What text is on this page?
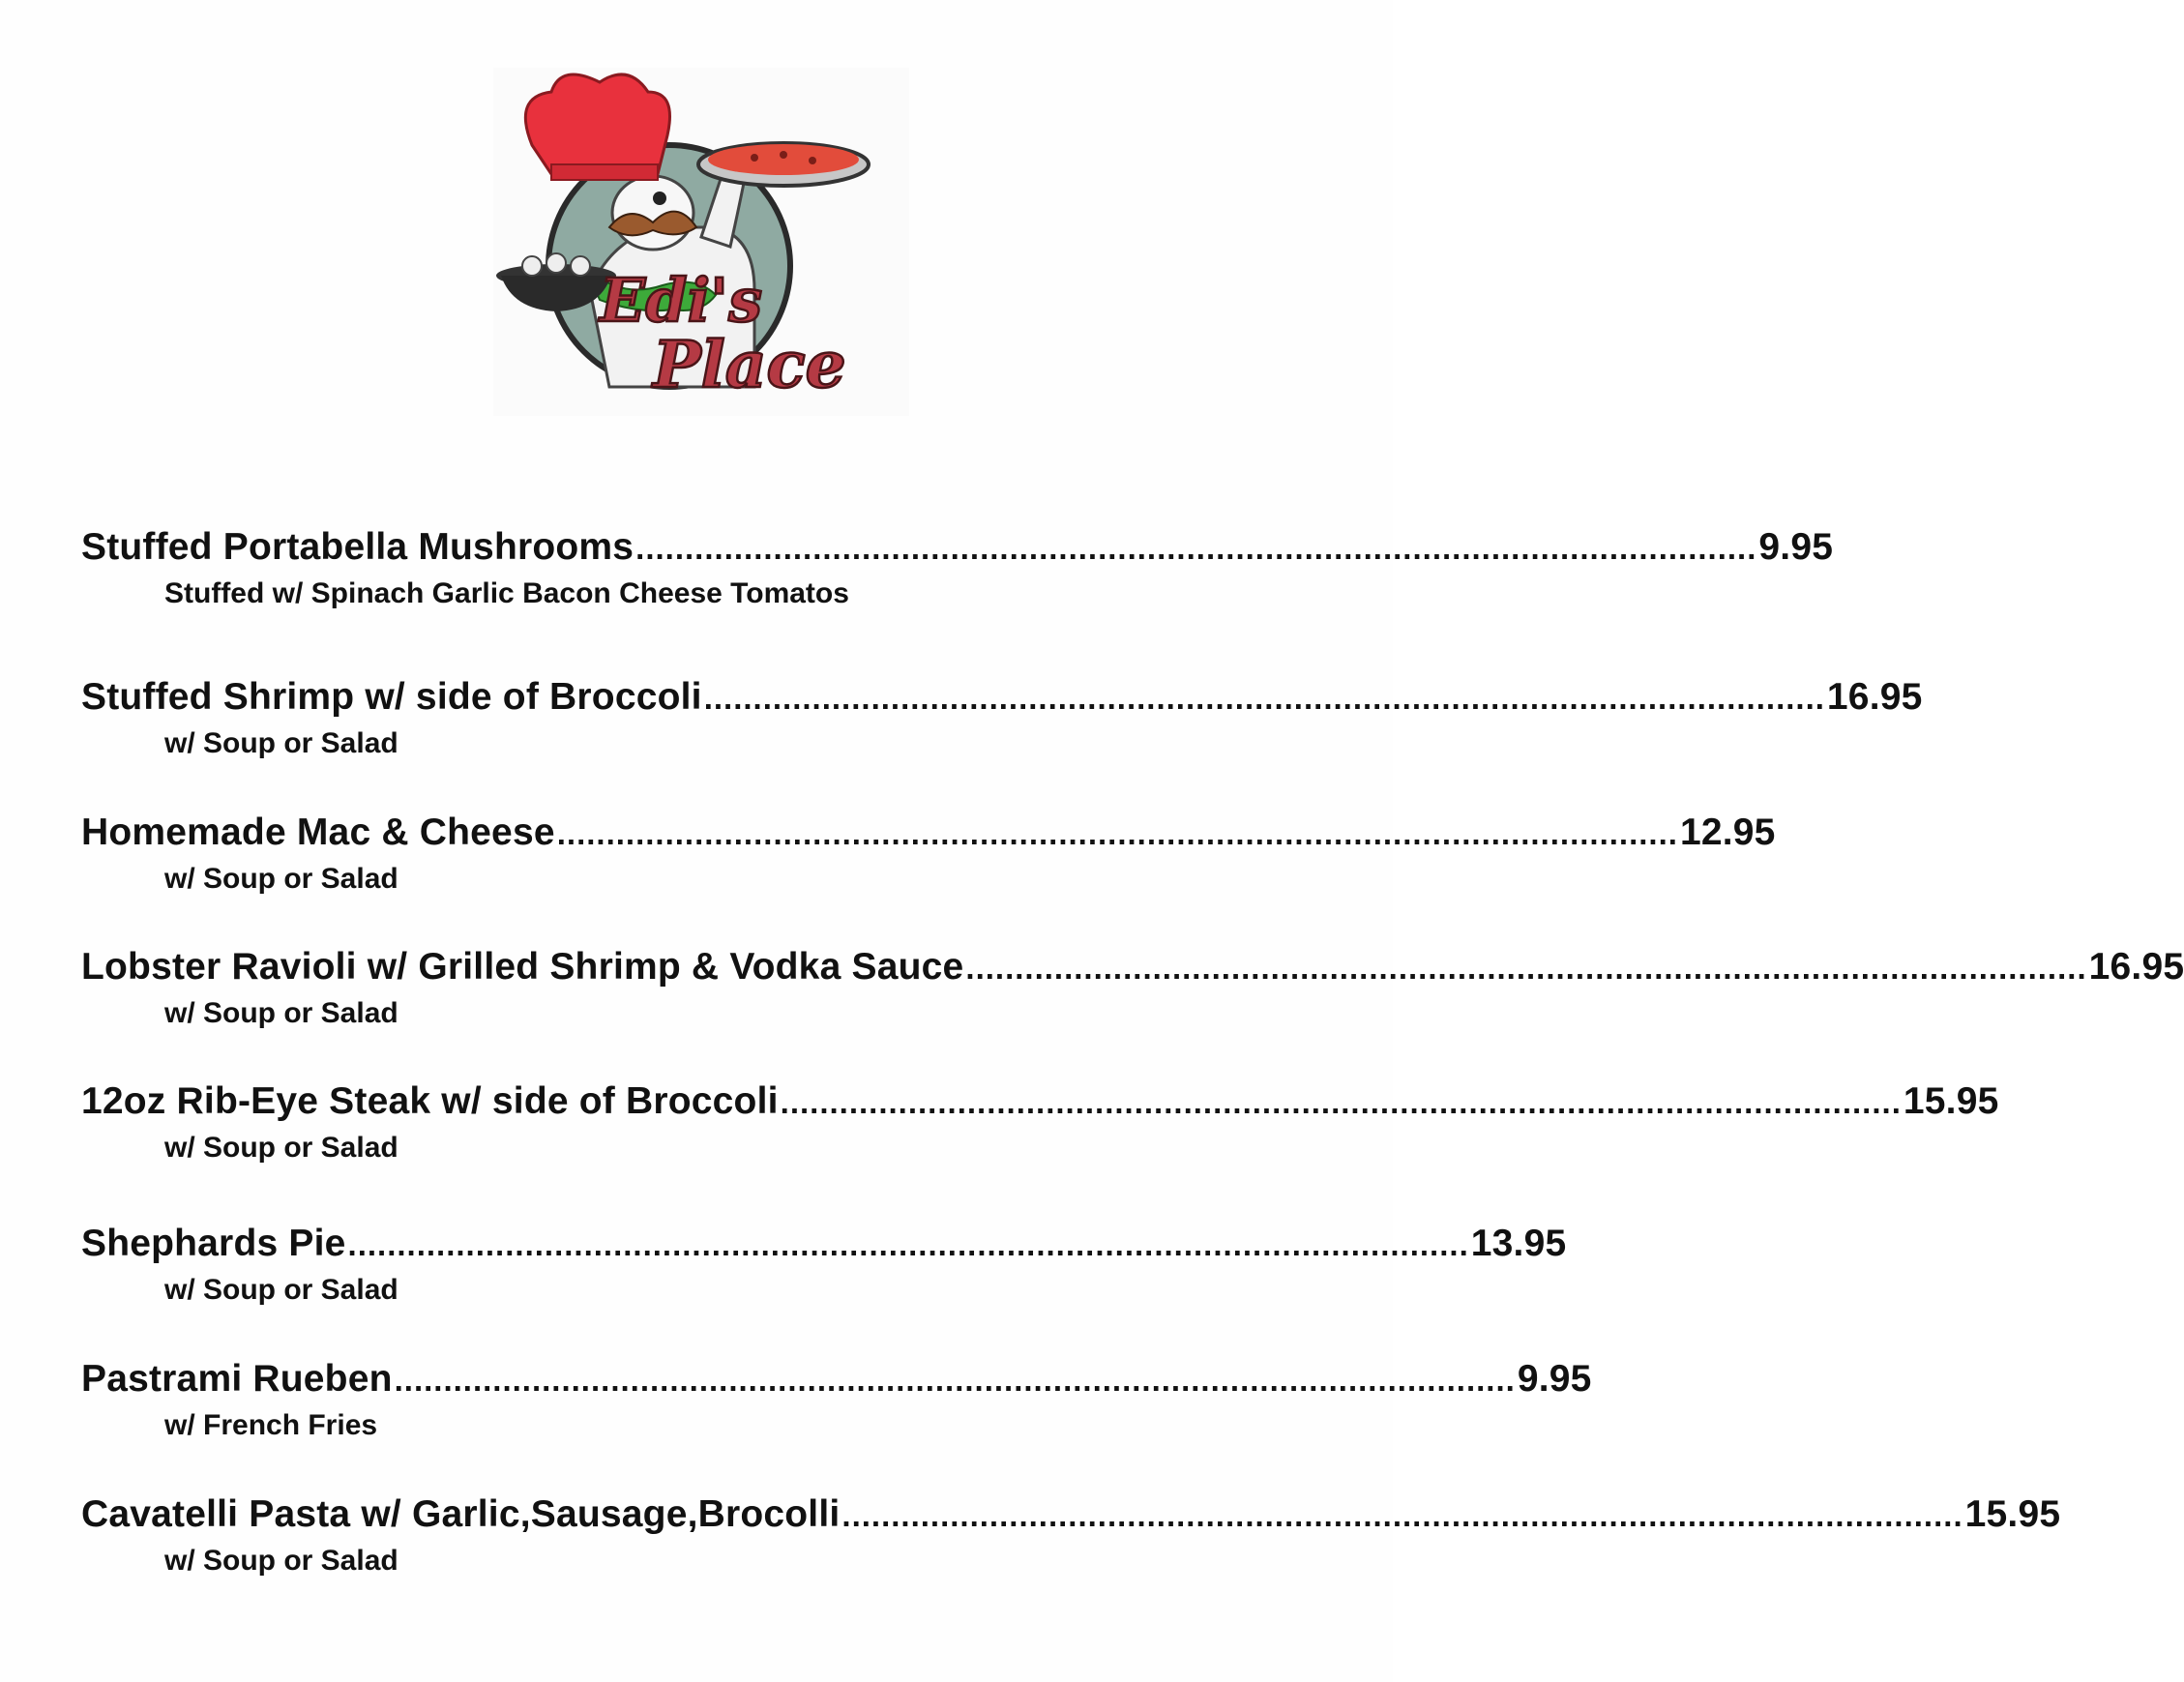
Edi's
Place
Stuffed Portabella Mushrooms .................................................................................................................. 9.95
Stuffed w/ Spinach Garlic Bacon Cheese Tomatos
Stuffed Shrimp w/ side of Broccoli .................................................................................................................. 16.95
w/ Soup or Salad
Homemade Mac & Cheese .................................................................................................................. 12.95
w/ Soup or Salad
Lobster Ravioli w/ Grilled Shrimp & Vodka Sauce .................................................................................................................. 16.95
w/ Soup or Salad
12oz Rib-Eye Steak w/ side of Broccoli .................................................................................................................. 15.95
w/ Soup or Salad
Shephards Pie .................................................................................................................. 13.95
w/ Soup or Salad
Pastrami Rueben .................................................................................................................. 9.95
w/ French Fries
Cavatelli Pasta w/ Garlic,Sausage,Brocolli .................................................................................................................. 15.95
w/ Soup or Salad
